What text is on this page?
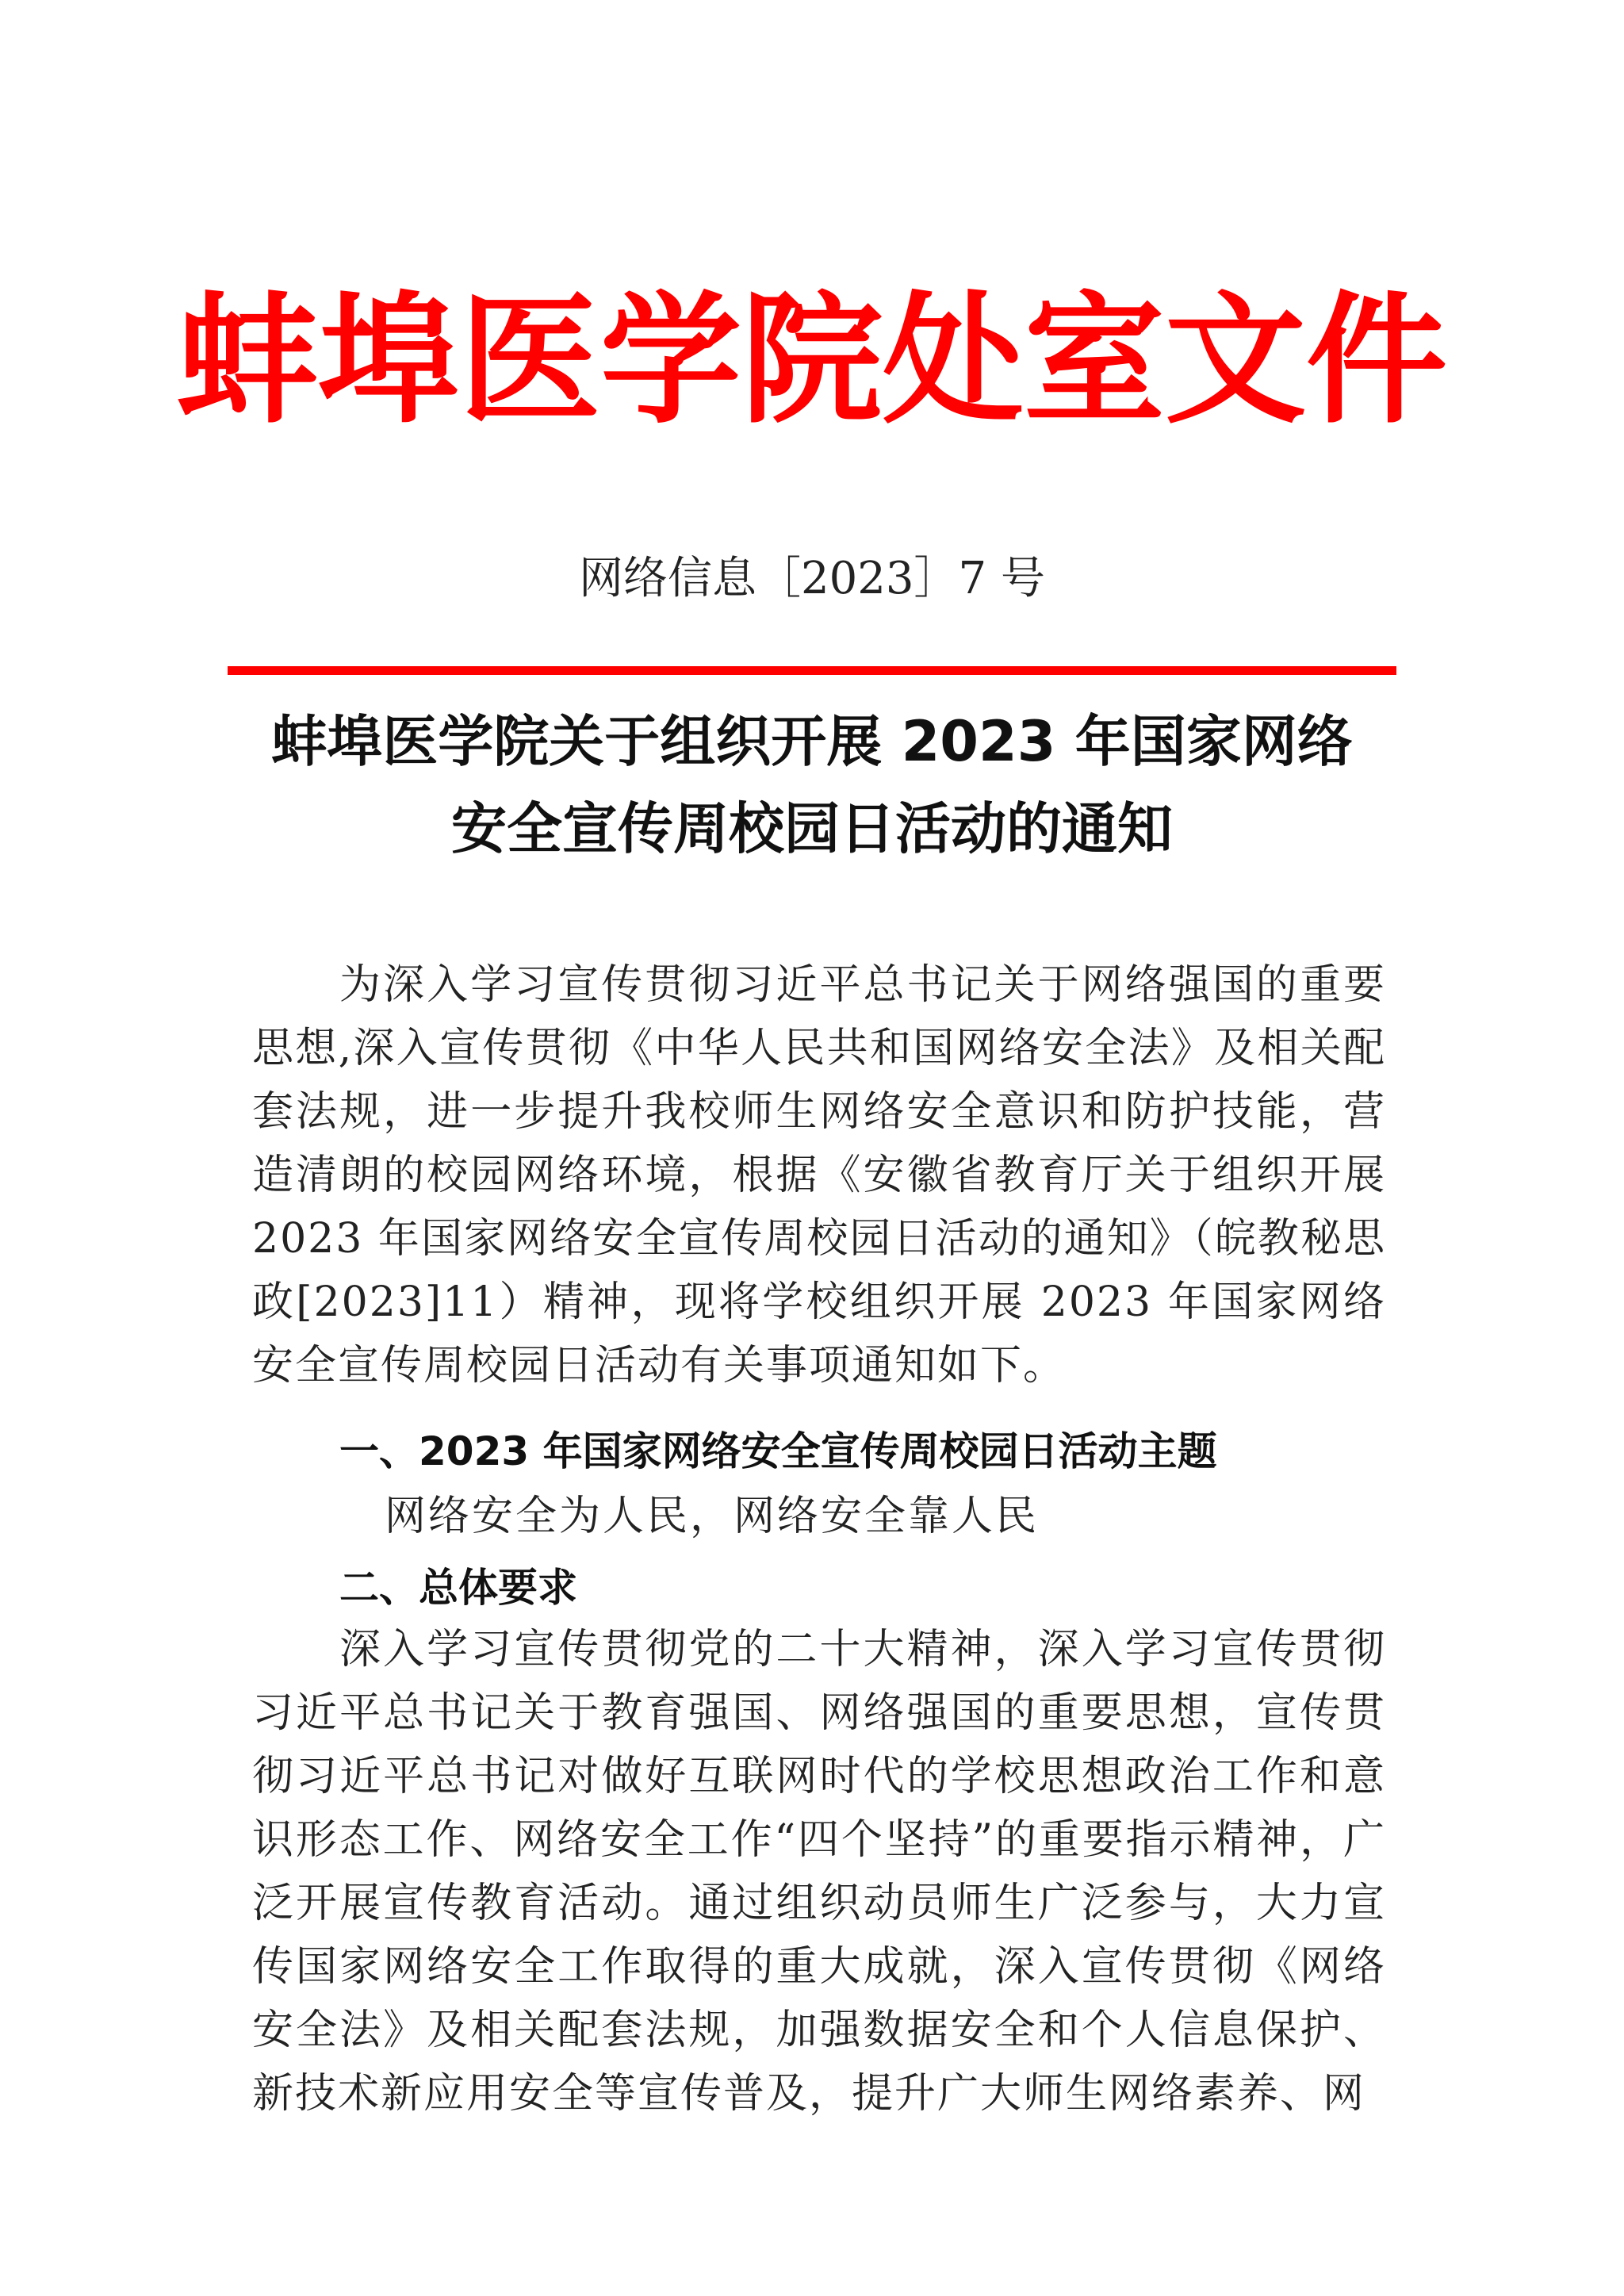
蚌埠医学院处室文件
网络信息［2023］7 号
蚌埠医学院关于组织开展 2023 年国家网络
安全宣传周校园日活动的通知
为深入学习宣传贯彻习近平总书记关于网络强国的重要思想,深入宣传贯彻《中华人民共和国网络安全法》及相关配套法规，进一步提升我校师生网络安全意识和防护技能，营造清朗的校园网络环境，根据《安徽省教育厅关于组织开展 2023 年国家网络安全宣传周校园日活动的通知》（皖教秘思政[2023]11）精神，现将学校组织开展 2023 年国家网络安全宣传周校园日活动有关事项通知如下。
一、2023 年国家网络安全宣传周校园日活动主题
网络安全为人民，网络安全靠人民
二、总体要求
深入学习宣传贯彻党的二十大精神，深入学习宣传贯彻习近平总书记关于教育强国、网络强国的重要思想，宣传贯彻习近平总书记对做好互联网时代的学校思想政治工作和意识形态工作、网络安全工作“四个坚持”的重要指示精神，广泛开展宣传教育活动。通过组织动员师生广泛参与，大力宣传国家网络安全工作取得的重大成就，深入宣传贯彻《网络安全法》及相关配套法规，加强数据安全和个人信息保护、新技术新应用安全等宣传普及，提升广大师生网络素养、网
